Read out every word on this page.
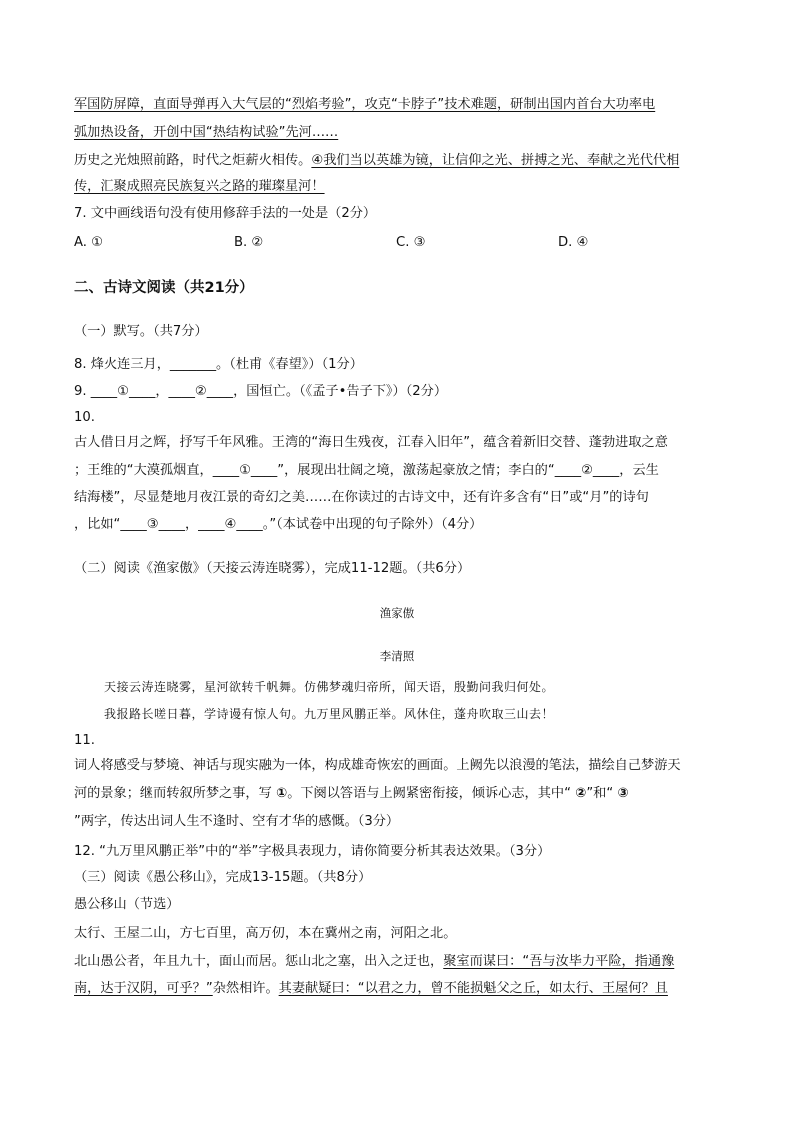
军国防屏障，直面导弹再入大气层的“烈焰考验”，攻克“卡脖子”技术难题，研制出国内首台大功率电
弧加热设备，开创中国“热结构试验”先河……
历史之光烛照前路，时代之炬薪火相传。④我们当以英雄为镜，让信仰之光、拼搏之光、奉献之光代代相
传，汇聚成照亮民族复兴之路的璀璨星河！
7. 文中画线语句没有使用修辞手法的一处是（2分）
A. ①	B. ②	C. ③	D. ④
二、古诗文阅读（共21分）
（一）默写。（共7分）
8. 烽火连三月，_______。（杜甫《春望》）（1分）
9. ____①____，____②____，国恒亡。（《孟子•告子下》）（2分）
10.
古人借日月之辉，抒写千年风雅。王湾的“海日生残夜，江春入旧年”，蕴含着新旧交替、蓬勃进取之意
；王维的“大漠孤烟直，____①____”，展现出壮阔之境，激荡起豪放之情；李白的“____②____，云生
结海楼”，尽显楚地月夜江景的奇幻之美……在你读过的古诗文中，还有许多含有“日”或“月”的诗句
，比如“____③____，____④____。”（本试卷中出现的句子除外）（4分）
（二）阅读《渔家傲》（天接云涛连晓雾），完成11-12题。（共6分）
渔家傲
李清照
天接云涛连晓雾，星河欲转千帆舞。仿佛梦魂归帝所，闻天语，殷勤问我归何处。
我报路长嗟日暮，学诗谩有惊人句。九万里风鹏正举。风休住，蓬舟吹取三山去！
11.
词人将感受与梦境、神话与现实融为一体，构成雄奇恢宏的画面。上阙先以浪漫的笔法，描绘自己梦游天
河的景象；继而转叙所梦之事，写 ①。下阕以答语与上阙紧密衔接，倾诉心志，其中“ ②”和“ ③
”两字，传达出词人生不逢时、空有才华的感慨。（3分）
12. “九万里风鹏正举”中的“举”字极具表现力，请你简要分析其表达效果。（3分）
（三）阅读《愚公移山》，完成13-15题。（共8分）
愚公移山（节选）
太行、王屋二山，方七百里，高万仞，本在冀州之南，河阳之北。
北山愚公者，年且九十，面山而居。惩山北之塞，出入之迂也，聚室而谋曰：“吾与汝毕力平险，指通豫
南，达于汉阴，可乎？”杂然相许。其妻献疑曰：“以君之力，曾不能损魁父之丘，如太行、王屋何？且
